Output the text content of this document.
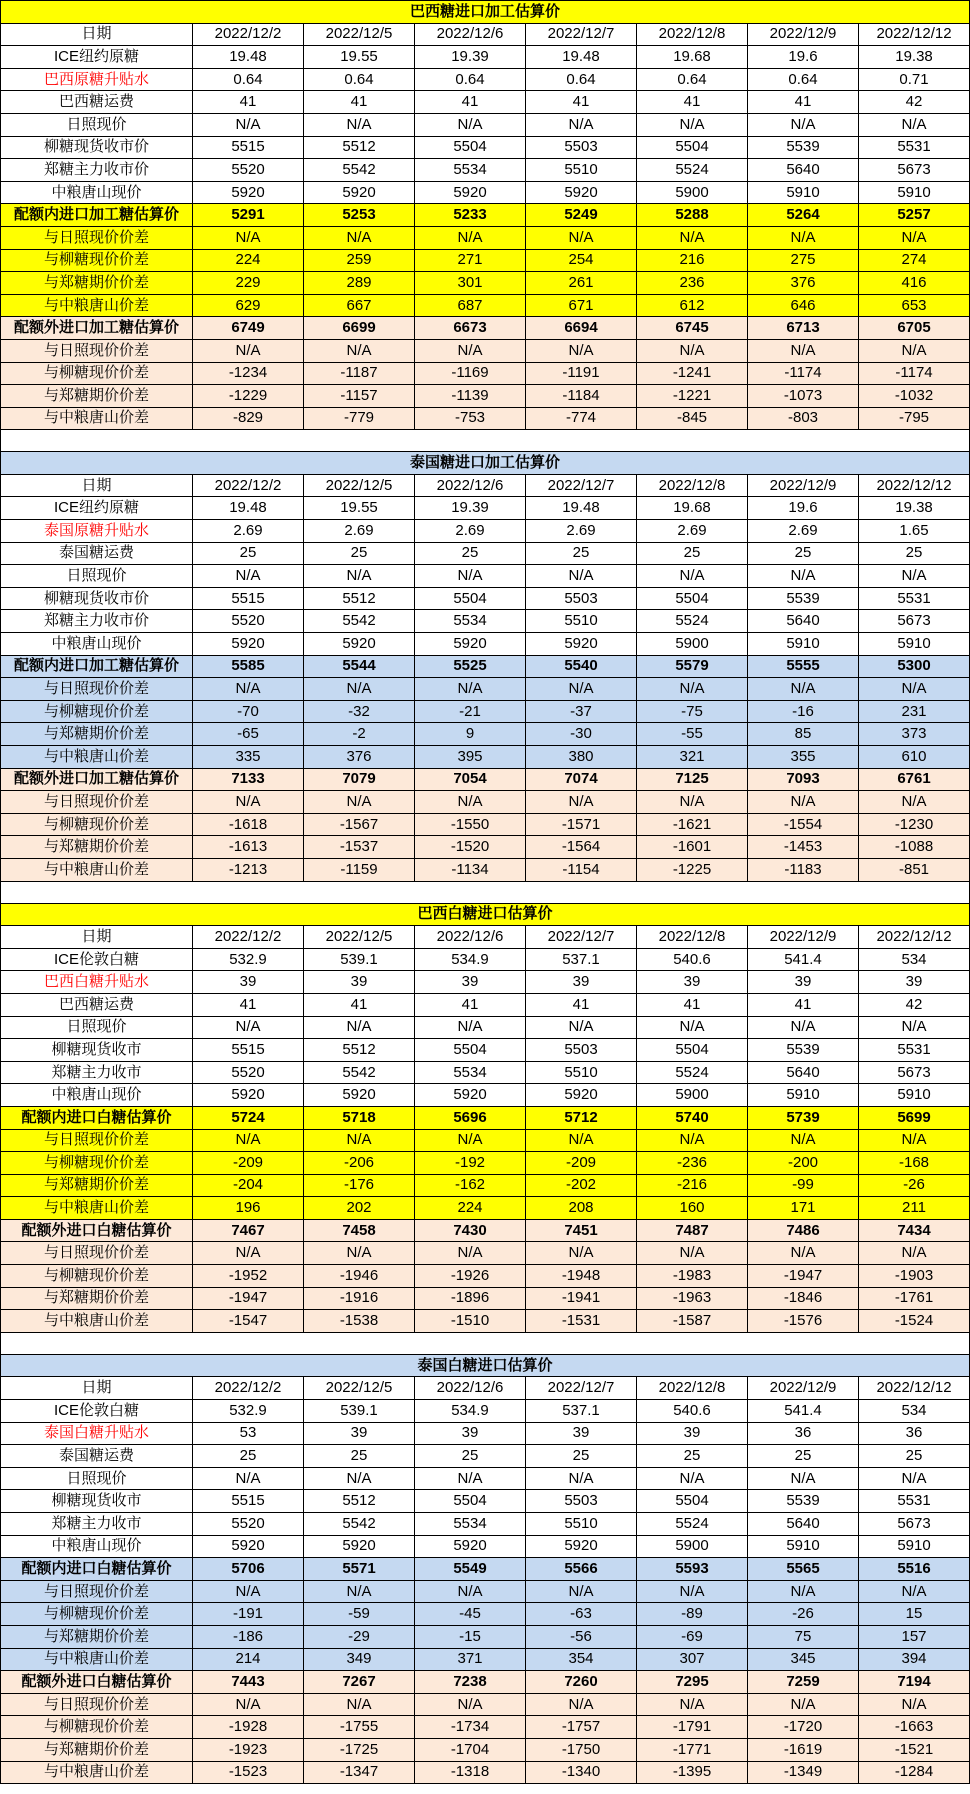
巴西糖进口加工估算价							
日期	2022/12/2	2022/12/5	2022/12/6	2022/12/7	2022/12/8	2022/12/9	2022/12/12
ICE纽约原糖	19.48	19.55	19.39	19.48	19.68	19.6	19.38
巴西原糖升贴水	0.64	0.64	0.64	0.64	0.64	0.64	0.71
巴西糖运费	41	41	41	41	41	41	42
日照现价	N/A	N/A	N/A	N/A	N/A	N/A	N/A
柳糖现货收市价	5515	5512	5504	5503	5504	5539	5531
郑糖主力收市价	5520	5542	5534	5510	5524	5640	5673
中粮唐山现价	5920	5920	5920	5920	5900	5910	5910
配额内进口加工糖估算价	5291	5253	5233	5249	5288	5264	5257
与日照现价价差	N/A	N/A	N/A	N/A	N/A	N/A	N/A
与柳糖现价价差	224	259	271	254	216	275	274
与郑糖期价价差	229	289	301	261	236	376	416
与中粮唐山价差	629	667	687	671	612	646	653
配额外进口加工糖估算价	6749	6699	6673	6694	6745	6713	6705
与日照现价价差	N/A	N/A	N/A	N/A	N/A	N/A	N/A
与柳糖现价价差	-1234	-1187	-1169	-1191	-1241	-1174	-1174
与郑糖期价价差	-1229	-1157	-1139	-1184	-1221	-1073	-1032
与中粮唐山价差	-829	-779	-753	-774	-845	-803	-795
泰国糖进口加工估算价							
日期	2022/12/2	2022/12/5	2022/12/6	2022/12/7	2022/12/8	2022/12/9	2022/12/12
ICE纽约原糖	19.48	19.55	19.39	19.48	19.68	19.6	19.38
泰国原糖升贴水	2.69	2.69	2.69	2.69	2.69	2.69	1.65
泰国糖运费	25	25	25	25	25	25	25
日照现价	N/A	N/A	N/A	N/A	N/A	N/A	N/A
柳糖现货收市价	5515	5512	5504	5503	5504	5539	5531
郑糖主力收市价	5520	5542	5534	5510	5524	5640	5673
中粮唐山现价	5920	5920	5920	5920	5900	5910	5910
配额内进口加工糖估算价	5585	5544	5525	5540	5579	5555	5300
与日照现价价差	N/A	N/A	N/A	N/A	N/A	N/A	N/A
与柳糖现价价差	-70	-32	-21	-37	-75	-16	231
与郑糖期价价差	-65	-2	9	-30	-55	85	373
与中粮唐山价差	335	376	395	380	321	355	610
配额外进口加工糖估算价	7133	7079	7054	7074	7125	7093	6761
与日照现价价差	N/A	N/A	N/A	N/A	N/A	N/A	N/A
与柳糖现价价差	-1618	-1567	-1550	-1571	-1621	-1554	-1230
与郑糖期价价差	-1613	-1537	-1520	-1564	-1601	-1453	-1088
与中粮唐山价差	-1213	-1159	-1134	-1154	-1225	-1183	-851
巴西白糖进口估算价							
日期	2022/12/2	2022/12/5	2022/12/6	2022/12/7	2022/12/8	2022/12/9	2022/12/12
ICE伦敦白糖	532.9	539.1	534.9	537.1	540.6	541.4	534
巴西白糖升贴水	39	39	39	39	39	39	39
巴西糖运费	41	41	41	41	41	41	42
日照现价	N/A	N/A	N/A	N/A	N/A	N/A	N/A
柳糖现货收市	5515	5512	5504	5503	5504	5539	5531
郑糖主力收市	5520	5542	5534	5510	5524	5640	5673
中粮唐山现价	5920	5920	5920	5920	5900	5910	5910
配额内进口白糖估算价	5724	5718	5696	5712	5740	5739	5699
与日照现价价差	N/A	N/A	N/A	N/A	N/A	N/A	N/A
与柳糖现价价差	-209	-206	-192	-209	-236	-200	-168
与郑糖期价价差	-204	-176	-162	-202	-216	-99	-26
与中粮唐山价差	196	202	224	208	160	171	211
配额外进口白糖估算价	7467	7458	7430	7451	7487	7486	7434
与日照现价价差	N/A	N/A	N/A	N/A	N/A	N/A	N/A
与柳糖现价价差	-1952	-1946	-1926	-1948	-1983	-1947	-1903
与郑糖期价价差	-1947	-1916	-1896	-1941	-1963	-1846	-1761
与中粮唐山价差	-1547	-1538	-1510	-1531	-1587	-1576	-1524
泰国白糖进口估算价							
日期	2022/12/2	2022/12/5	2022/12/6	2022/12/7	2022/12/8	2022/12/9	2022/12/12
ICE伦敦白糖	532.9	539.1	534.9	537.1	540.6	541.4	534
泰国白糖升贴水	53	39	39	39	39	36	36
泰国糖运费	25	25	25	25	25	25	25
日照现价	N/A	N/A	N/A	N/A	N/A	N/A	N/A
柳糖现货收市	5515	5512	5504	5503	5504	5539	5531
郑糖主力收市	5520	5542	5534	5510	5524	5640	5673
中粮唐山现价	5920	5920	5920	5920	5900	5910	5910
配额内进口白糖估算价	5706	5571	5549	5566	5593	5565	5516
与日照现价价差	N/A	N/A	N/A	N/A	N/A	N/A	N/A
与柳糖现价价差	-191	-59	-45	-63	-89	-26	15
与郑糖期价价差	-186	-29	-15	-56	-69	75	157
与中粮唐山价差	214	349	371	354	307	345	394
配额外进口白糖估算价	7443	7267	7238	7260	7295	7259	7194
与日照现价价差	N/A	N/A	N/A	N/A	N/A	N/A	N/A
与柳糖现价价差	-1928	-1755	-1734	-1757	-1791	-1720	-1663
与郑糖期价价差	-1923	-1725	-1704	-1750	-1771	-1619	-1521
与中粮唐山价差	-1523	-1347	-1318	-1340	-1395	-1349	-1284
